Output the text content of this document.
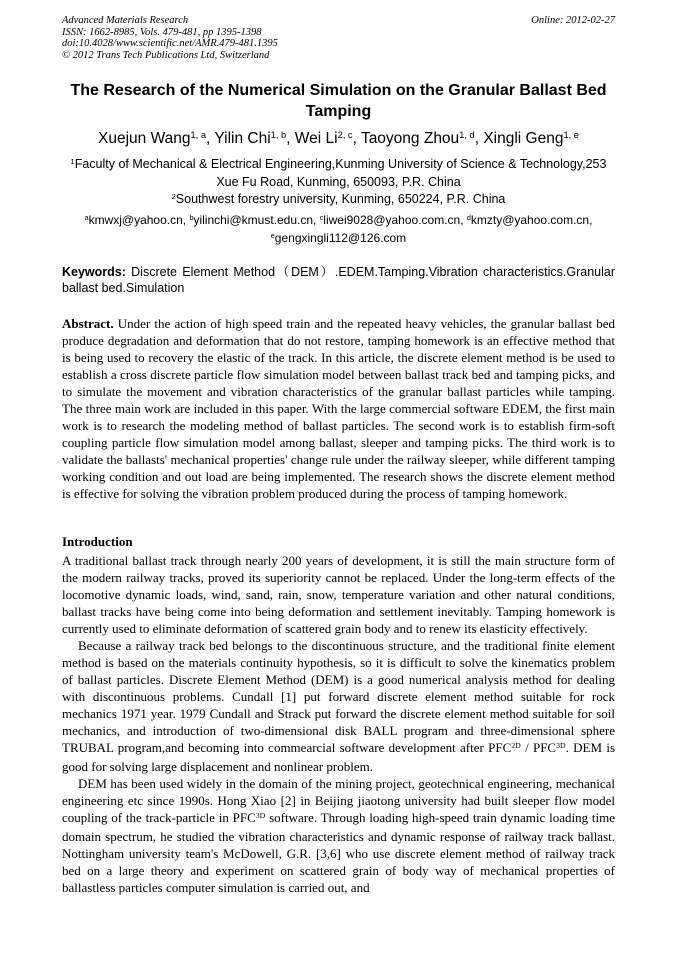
Advanced Materials Research
ISSN: 1662-8985, Vols. 479-481, pp 1395-1398
doi:10.4028/www.scientific.net/AMR.479-481.1395
© 2012 Trans Tech Publications Ltd, Switzerland
Online: 2012-02-27
The Research of the Numerical Simulation on the Granular Ballast Bed Tamping
Xuejun Wang$^{1, a}$, Yilin Chi$^{1, b}$, Wei Li$^{2, c}$, Taoyong Zhou$^{1, d}$, Xingli Geng$^{1, e}$
$^1$Faculty of Mechanical & Electrical Engineering,Kunming University of Science & Technology,253 Xue Fu Road, Kunming, 650093, P.R. China
$^2$Southwest forestry university, Kunming, 650224, P.R. China
$^a$kmwxj@yahoo.cn, $^b$yilinchi@kmust.edu.cn, $^c$liwei9028@yahoo.com.cn, $^d$kmzty@yahoo.com.cn,
$^e$gengxingli112@126.com
Keywords: Discrete Element Method（DEM）.EDEM.Tamping.Vibration characteristics.Granular ballast bed.Simulation
Abstract. Under the action of high speed train and the repeated heavy vehicles, the granular ballast bed produce degradation and deformation that do not restore, tamping homework is an effective method that is being used to recovery the elastic of the track. In this article, the discrete element method is be used to establish a cross discrete particle flow simulation model between ballast track bed and tamping picks, and to simulate the movement and vibration characteristics of the granular ballast particles while tamping. The three main work are included in this paper. With the large commercial software EDEM, the first main work is to research the modeling method of ballast particles. The second work is to establish firm-soft coupling particle flow simulation model among ballast, sleeper and tamping picks. The third work is to validate the ballasts' mechanical properties' change rule under the railway sleeper, while different tamping working condition and out load are being implemented. The research shows the discrete element method is effective for solving the vibration problem produced during the process of tamping homework.
Introduction

A traditional ballast track through nearly 200 years of development, it is still the main structure form of the modern railway tracks, proved its superiority cannot be replaced. Under the long-term effects of the locomotive dynamic loads, wind, sand, rain, snow, temperature variation and other natural conditions, ballast tracks have being come into being deformation and settlement inevitably. Tamping homework is currently used to eliminate deformation of scattered grain body and to renew its elasticity effectively.

Because a railway track bed belongs to the discontinuous structure, and the traditional finite element method is based on the materials continuity hypothesis, so it is difficult to solve the kinematics problem of ballast particles. Discrete Element Method (DEM) is a good numerical analysis method for dealing with discontinuous problems. Cundall [1] put forward discrete element method suitable for rock mechanics 1971 year. 1979 Cundall and Strack put forward the discrete element method suitable for soil mechanics, and introduction of two-dimensional disk BALL program and three-dimensional sphere TRUBAL program,and becoming into commearcial software development after $PFC^{2D} / PFC^{3D}$. DEM is good for solving large displacement and nonlinear problem.

DEM has been used widely in the domain of the mining project, geotechnical engineering, mechanical engineering etc since 1990s. Hong Xiao [2] in Beijing jiaotong university had built sleeper flow model coupling of the track-particle in $PFC^{3D}$ software. Through loading high-speed train dynamic loading time domain spectrum, he studied the vibration characteristics and dynamic response of railway track ballast. Nottingham university team's McDowell, G.R. [3,6] who use discrete element method of railway track bed on a large theory and experiment on scattered grain of body way of mechanical properties of ballastless particles computer simulation is carried out, and
